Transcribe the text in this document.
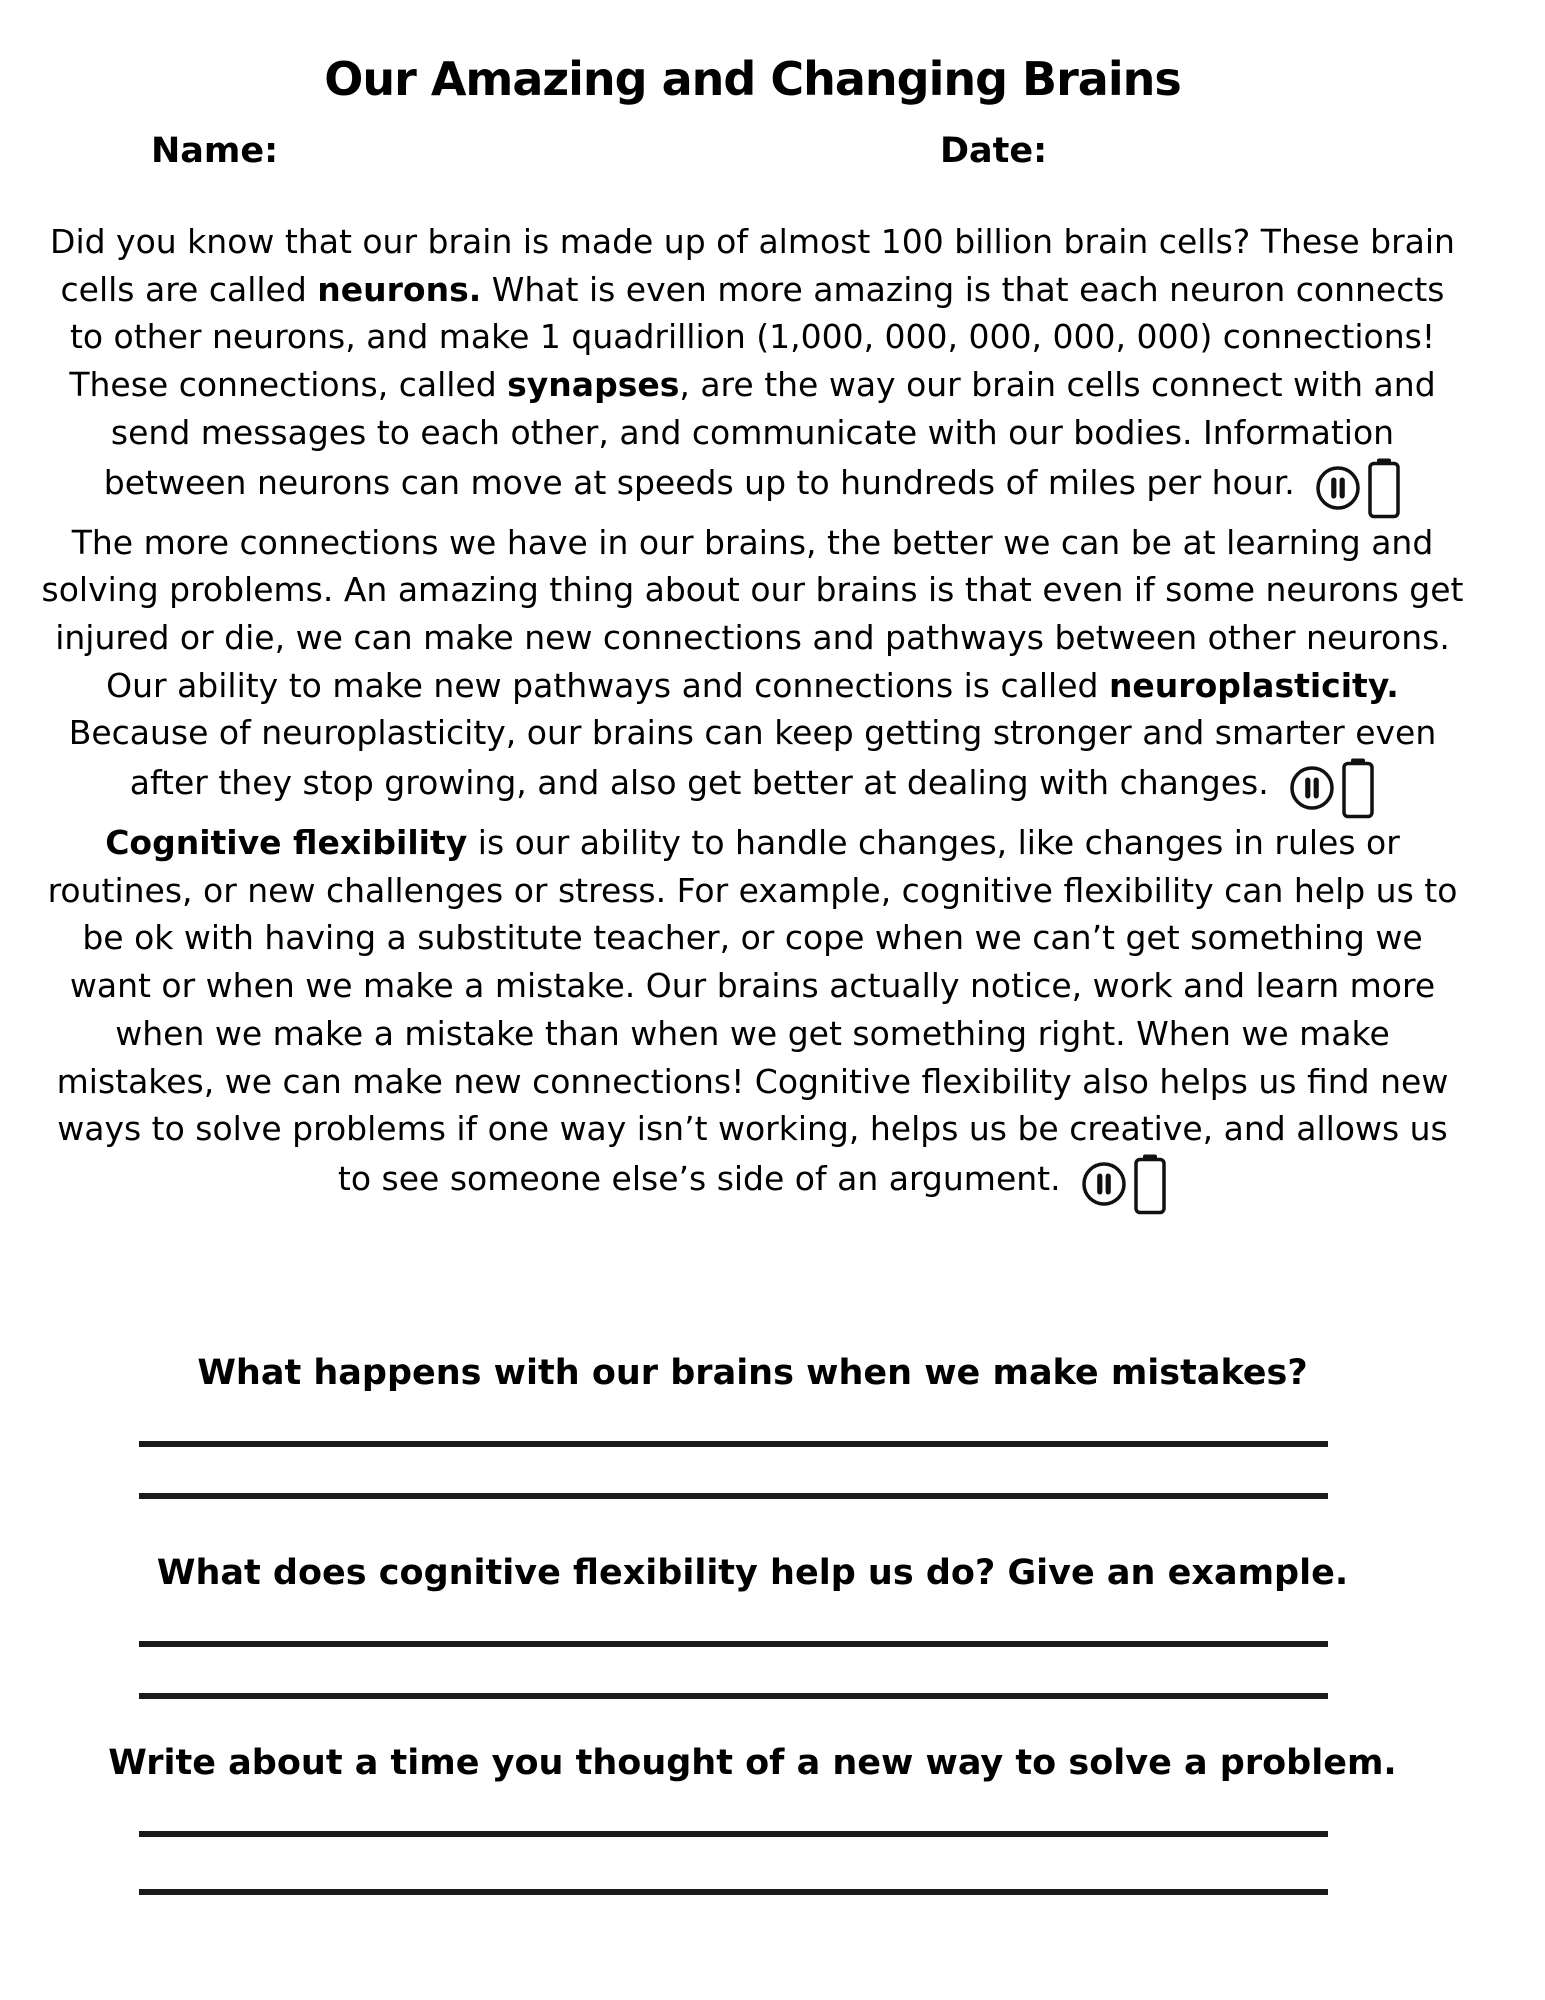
Our Amazing and Changing Brains
Name:	Date:

Did you know that our brain is made up of almost 100 billion brain cells? These brain cells are called neurons. What is even more amazing is that each neuron connects to other neurons, and make 1 quadrillion (1,000, 000, 000, 000, 000) connections! These connections, called synapses, are the way our brain cells connect with and send messages to each other, and communicate with our bodies. Information between neurons can move at speeds up to hundreds of miles per hour.

The more connections we have in our brains, the better we can be at learning and solving problems. An amazing thing about our brains is that even if some neurons get injured or die, we can make new connections and pathways between other neurons. Our ability to make new pathways and connections is called neuroplasticity. Because of neuroplasticity, our brains can keep getting stronger and smarter even after they stop growing, and also get better at dealing with changes.

Cognitive flexibility is our ability to handle changes, like changes in rules or routines, or new challenges or stress. For example, cognitive flexibility can help us to be ok with having a substitute teacher, or cope when we can’t get something we want or when we make a mistake. Our brains actually notice, work and learn more when we make a mistake than when we get something right. When we make mistakes, we can make new connections! Cognitive flexibility also helps us find new ways to solve problems if one way isn’t working, helps us be creative, and allows us to see someone else’s side of an argument.

What happens with our brains when we make mistakes?
What does cognitive flexibility help us do? Give an example.
Write about a time you thought of a new way to solve a problem.
